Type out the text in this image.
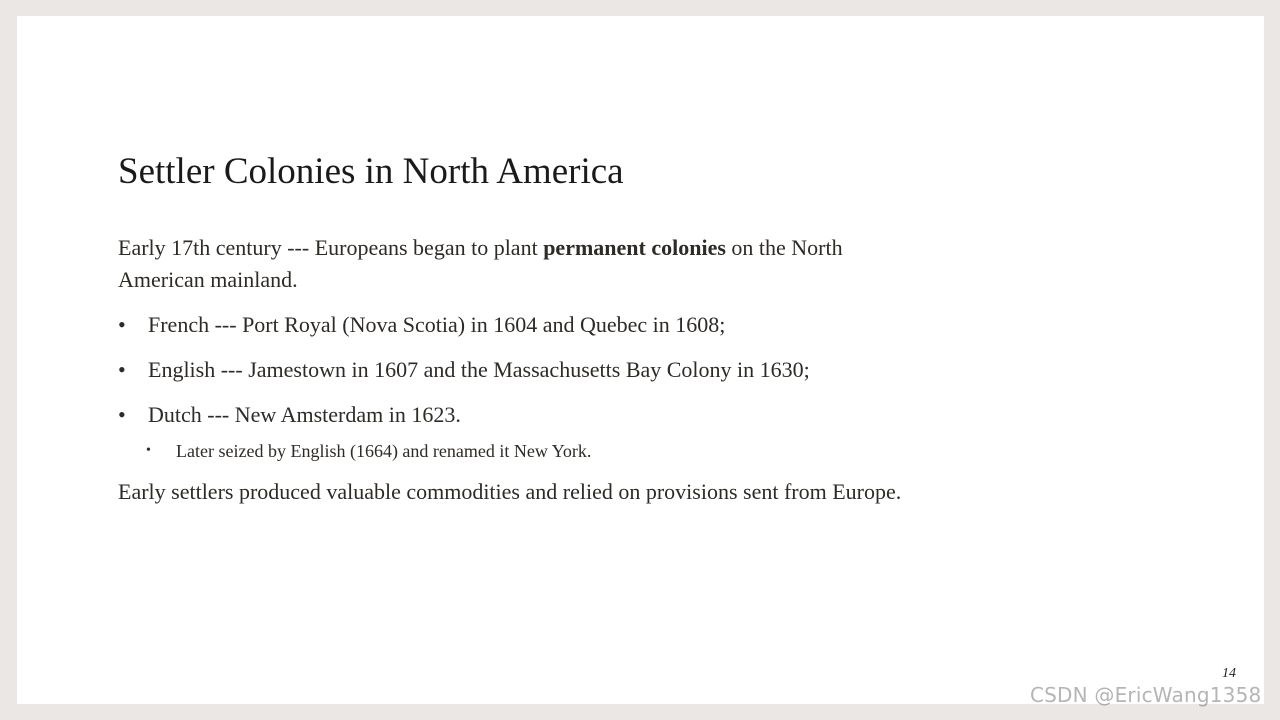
Settler Colonies in North America

Early 17th century --- Europeans began to plant permanent colonies on the North American mainland.

• French --- Port Royal (Nova Scotia) in 1604 and Quebec in 1608;
• English --- Jamestown in 1607 and the Massachusetts Bay Colony in 1630;
• Dutch --- New Amsterdam in 1623.
• Later seized by English (1664) and renamed it New York.

Early settlers produced valuable commodities and relied on provisions sent from Europe.

14
CSDN @EricWang1358
